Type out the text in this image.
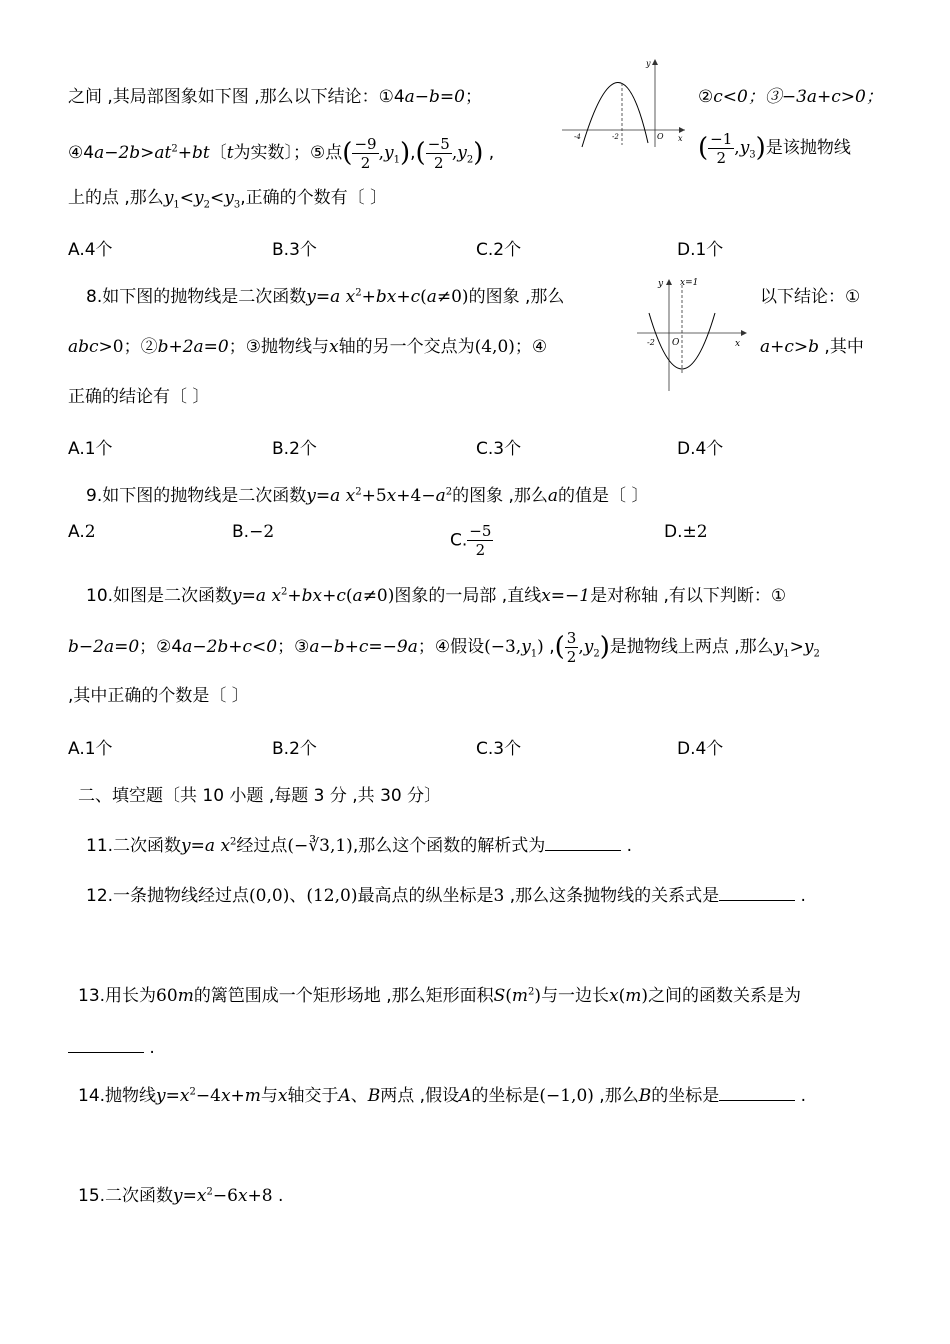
之间 ,其局部图象如下图 ,那么以下结论：①4a−b=0；	②c<0；③−3a+c>0；
y
x
O
-4	-2
$④4a-2b>at^2+bt$〔t为实数〕；⑤点( $\frac{-9}{2} ,y_1),( \frac{-5}{2} ,y_2)$ ,	( $\frac{-1}{2} ,y_3$)是该抛物线
上的点 ,那么$y_1<y_2<y_3$,正确的个数有〔 〕
A.4个	B.3个	C.2个	D.1个
8.如下图的抛物线是二次函数y=a $x^2+bx+c(a\ne 0)$的图象 ,那么	以下结论：①
y x=1
O
-2	x
abc>0；②b+2a=0；③抛物线与x轴的另一个交点为(4,0)；④	a+c>b ,其中
正确的结论有〔 〕
A.1个	B.2个	C.3个	D.4个
9.如下图的抛物线是二次函数y=a $x^2+5x+4-a^2$的图象 ,那么a的值是〔 〕
A.2	B.−2	C. $\frac{-5}{2}$	D.±2
10.如图是二次函数y=a $x^2+bx+c(a\ne 0)$图象的一局部 ,直线x=−1是对称轴 ,有以下判断：①
b−2a=0；②4a−2b+c<0；③a−b+c=−9a；④假设$(-3,y_1)$ ,( $\frac{3}{2} ,y_2$)是抛物线上两点 ,那么$y_1>y_2$
,其中正确的个数是〔 〕
A.1个	B.2个	C.3个	D.4个
二、填空题〔共 10 小题 ,每题 3 分 ,共 30 分〕
11.二次函数y=a $x^2$经过点(−∛3,1),那么这个函数的解析式为	.
12.一条抛物线经过点(0,0)、(12,0)最高点的纵坐标是3 ,那么这条抛物线的关系式是	.
13.用长为60m的篱笆围成一个矩形场地 ,那么矩形面积$S(m^2)$与一边长x(m)之间的函数关系是为
.
14.抛物线$y=x^2-4x+m$与x轴交于A、B两点 ,假设A的坐标是(−1,0) ,那么B的坐标是	.
15.二次函数$y=x^2-6x+8$ .
